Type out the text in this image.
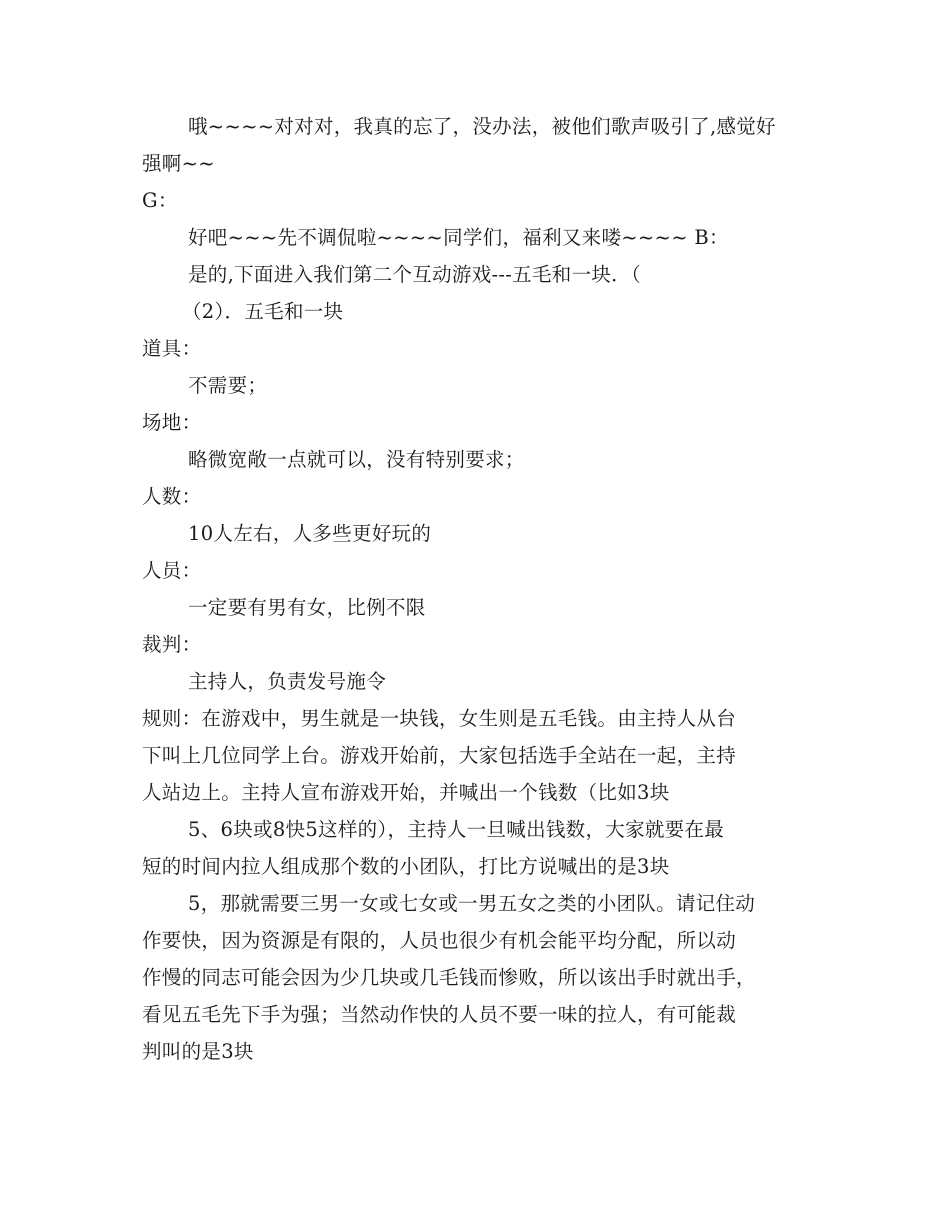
哦~~~~对对对，我真的忘了，没办法，被他们歌声吸引了,感觉好
强啊~~
G：
好吧~~~先不调侃啦~~~~同学们，福利又来喽~~~~ B：
是的,下面进入我们第二个互动游戏---五毛和一块．（
（2）．五毛和一块
道具：
不需要；
场地：
略微宽敞一点就可以，没有特别要求；
人数：
10人左右，人多些更好玩的
人员：
一定要有男有女，比例不限
裁判：
主持人，负责发号施令
规则：在游戏中，男生就是一块钱，女生则是五毛钱。由主持人从台
下叫上几位同学上台。游戏开始前，大家包括选手全站在一起，主持
人站边上。主持人宣布游戏开始，并喊出一个钱数（比如3块
5、6块或8快5这样的），主持人一旦喊出钱数，大家就要在最
短的时间内拉人组成那个数的小团队，打比方说喊出的是3块
5，那就需要三男一女或七女或一男五女之类的小团队。请记住动
作要快，因为资源是有限的，人员也很少有机会能平均分配，所以动
作慢的同志可能会因为少几块或几毛钱而惨败，所以该出手时就出手，
看见五毛先下手为强；当然动作快的人员不要一味的拉人，有可能裁
判叫的是3块
